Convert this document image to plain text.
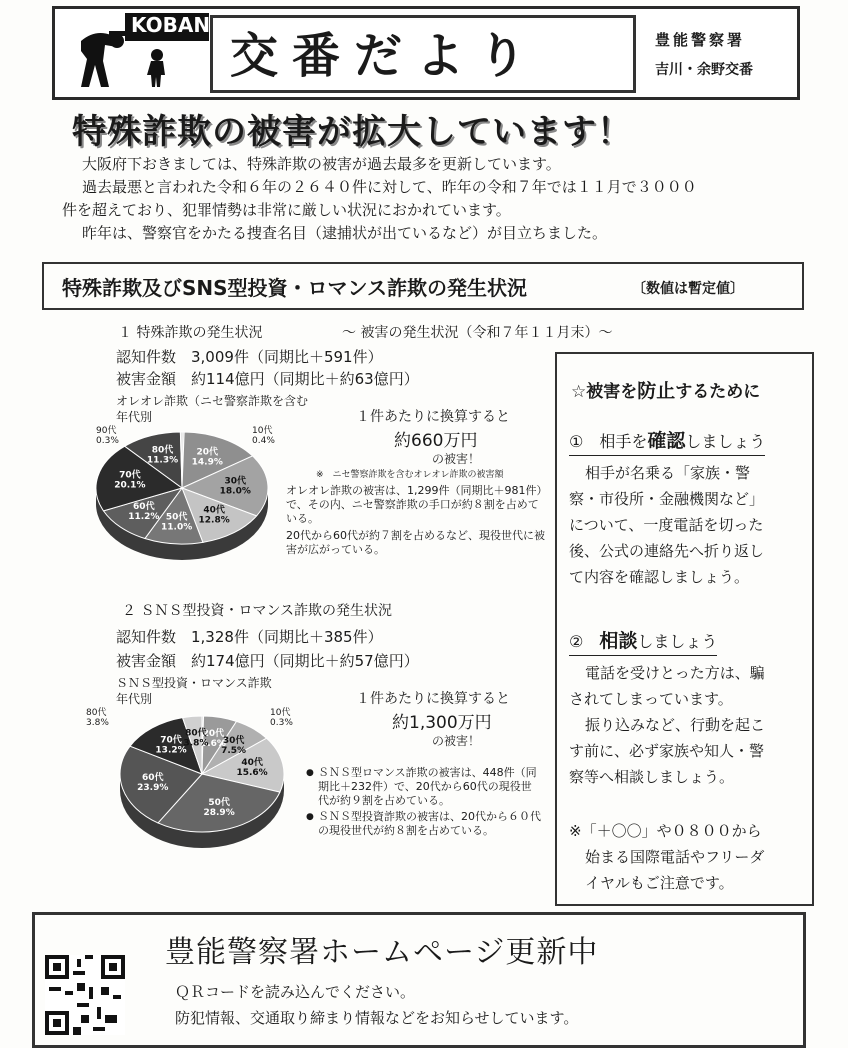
KOBAN
交番だより	豊能警察署
吉川・余野交番
特殊詐欺の被害が拡大しています！

大阪府下おきましては、特殊詐欺の被害が過去最多を更新しています。

過去最悪と言われた令和６年の２６４０件に対して、昨年の令和７年では１１月で３０００

件を超えており、犯罪情勢は非常に厳しい状況におかれています。

昨年は、警察官をかたる捜査名目（逮捕状が出ているなど）が目立ちました。

特殊詐欺及びSNS型投資・ロマンス詐欺の発生状況	〔数値は暫定値〕
１ 特殊詐欺の発生状況	～ 被害の発生状況（令和７年１１月末）～
認知件数　3,009件（同期比＋591件）
被害金額　約114億円（同期比＋約63億円）
オレオレ詐欺（ニセ警察詐欺を含む
年代別
20代
14.9%
30代
18.0%
40代
12.8%
50代
11.0%
60代
11.2%
70代
20.1%
80代
11.3%
90代
0.3%
10代
0.4%
１件あたりに換算すると
約660万円
の被害！
※　ニセ警察詐欺を含むオレオレ詐欺の被害額
オレオレ詐欺の被害は、1,299件（同期比＋981件）で、その内、ニセ警察詐欺の手口が約８割を占めている。
20代から60代が約７割を占めるなど、現役世代に被害が広がっている。
２ ＳＮＳ型投資・ロマンス詐欺の発生状況
認知件数　1,328件（同期比＋385件）
被害金額　約174億円（同期比＋約57億円）
ＳＮＳ型投資・ロマンス詐欺
年代別
20代
6.6%
30代
7.5%
40代
15.6%
50代
28.9%
60代
23.9%
70代
13.2%
80代
3.8%
80代
3.8%
10代
0.3%
１件あたりに換算すると
約1,300万円
の被害！
● ＳＮＳ型ロマンス詐欺の被害は、448件（同期比＋232件）で、20代から60代の現役世代が約９割を占めている。
● ＳＮＳ型投資詐欺の被害は、20代から６０代の現役世代が約８割を占めている。
☆被害を防止するために
①　相手を確認しましょう
相手が名乗る「家族・警
察・市役所・金融機関など」
について、一度電話を切った
後、公式の連絡先へ折り返し
て内容を確認しましょう。
②　相談しましょう
電話を受けとった方は、騙
されてしまっています。
振り込みなど、行動を起こ
す前に、必ず家族や知人・警
察等へ相談しましょう。
※「＋〇〇」や０８００から
始まる国際電話やフリーダ
イヤルもご注意です。
豊能警察署ホームページ更新中
ＱＲコードを読み込んでください。
防犯情報、交通取り締まり情報などをお知らせしています。
